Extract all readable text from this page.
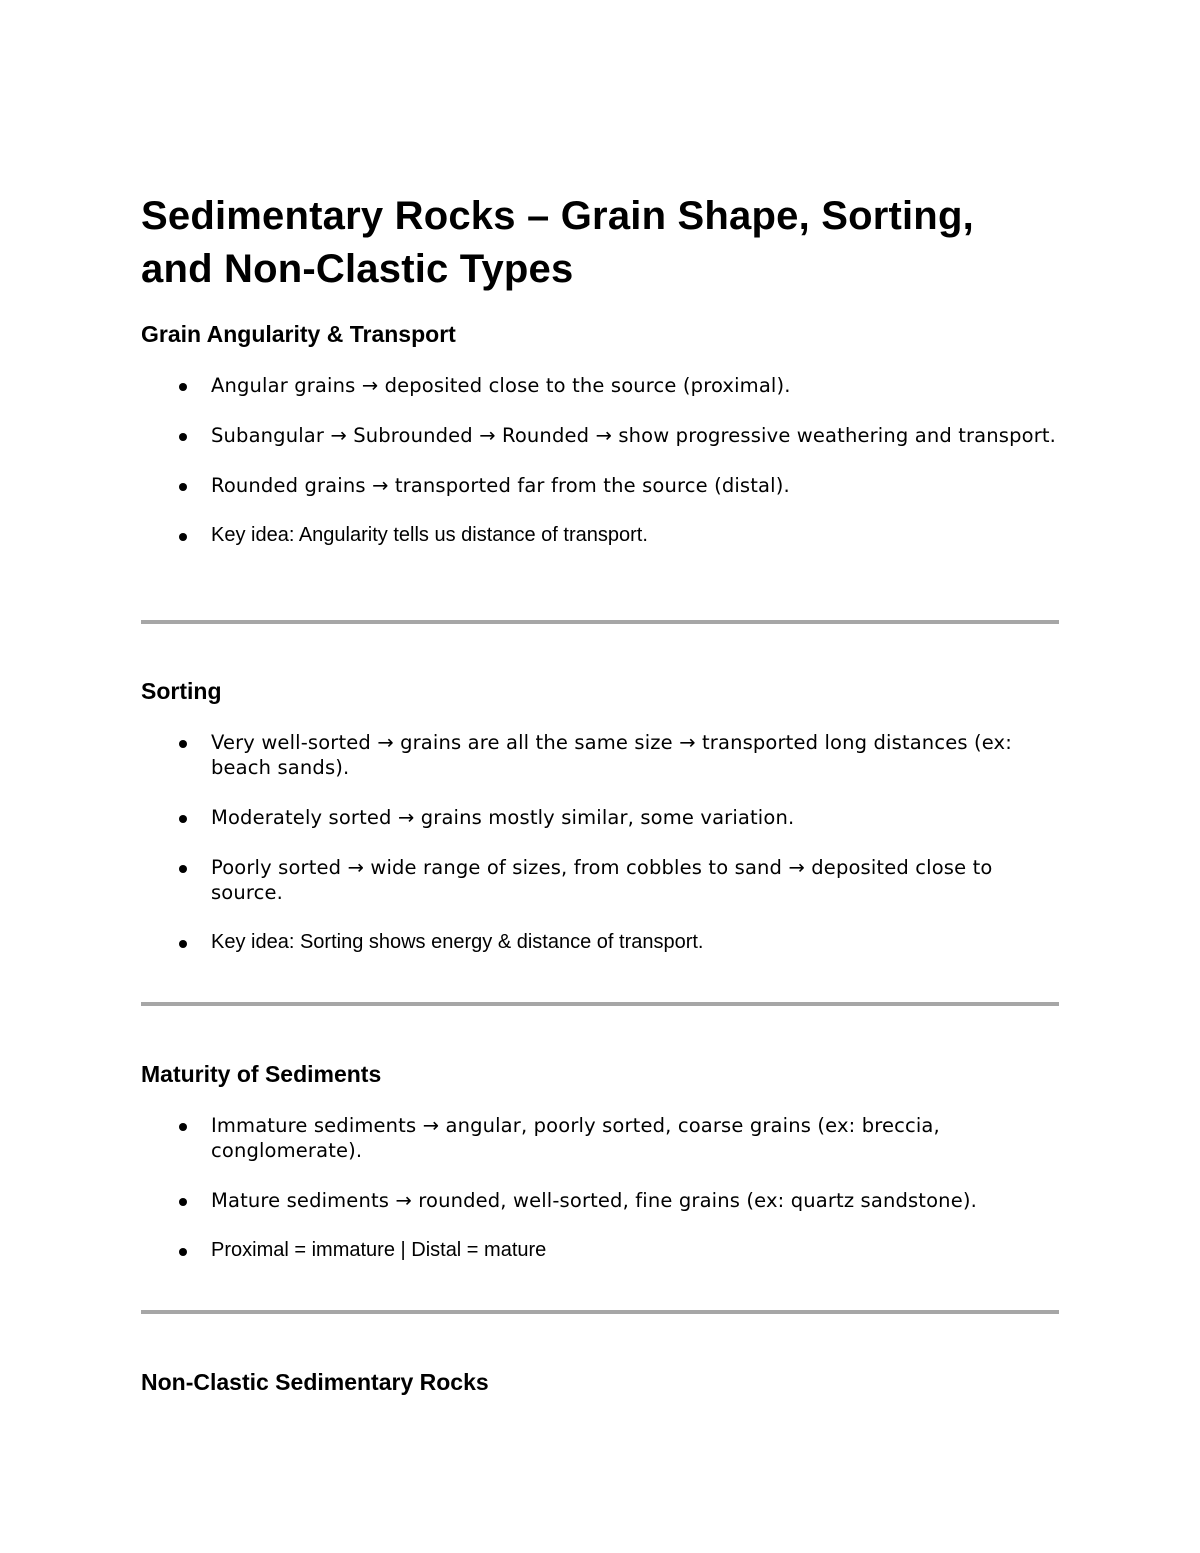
Sedimentary Rocks – Grain Shape, Sorting, and Non-Clastic Types
Grain Angularity & Transport
Angular grains → deposited close to the source (proximal).
Subangular → Subrounded → Rounded → show progressive weathering and transport.
Rounded grains → transported far from the source (distal).
Key idea: Angularity tells us distance of transport.
Sorting
Very well-sorted → grains are all the same size → transported long distances (ex: beach sands).
Moderately sorted → grains mostly similar, some variation.
Poorly sorted → wide range of sizes, from cobbles to sand → deposited close to source.
Key idea: Sorting shows energy & distance of transport.
Maturity of Sediments
Immature sediments → angular, poorly sorted, coarse grains (ex: breccia, conglomerate).
Mature sediments → rounded, well-sorted, fine grains (ex: quartz sandstone).
Proximal = immature | Distal = mature
Non-Clastic Sedimentary Rocks
